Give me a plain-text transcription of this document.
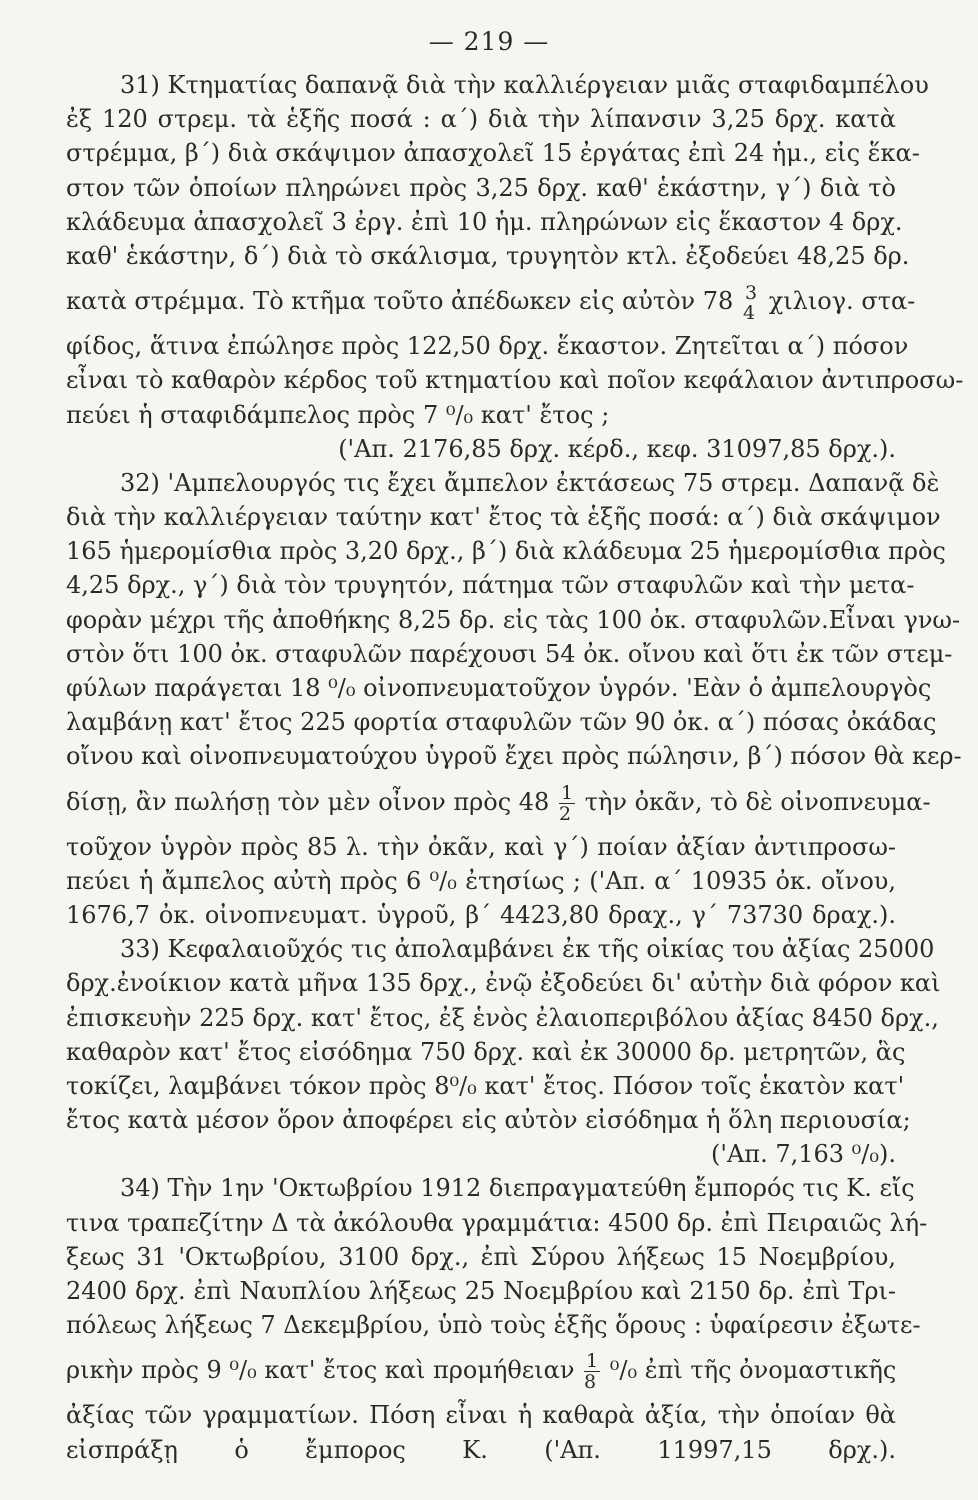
— 219 —
31) Κτηματίας δαπανᾷ διὰ τὴν καλλιέργειαν μιᾶς σταφιδαμπέλου
ἐξ 120 στρεμ. τὰ ἑξῆς ποσά : α΄) διὰ τὴν λίπανσιν 3,25 δρχ. κατὰ
στρέμμα, β΄) διὰ σκάψιμον ἀπασχολεῖ 15 ἐργάτας ἐπὶ 24 ἡμ., εἰς ἕκα-
στον τῶν ὁποίων πληρώνει πρὸς 3,25 δρχ. καθ' ἑκάστην, γ΄) διὰ τὸ
κλάδευμα ἀπασχολεῖ 3 ἐργ. ἐπὶ 10 ἡμ. πληρώνων εἰς ἕκαστον 4 δρχ.
καθ' ἑκάστην, δ΄) διὰ τὸ σκάλισμα, τρυγητὸν κτλ. ἐξοδεύει 48,25 δρ.
κατὰ στρέμμα. Τὸ κτῆμα τοῦτο ἀπέδωκεν εἰς αὐτὸν 78 3
4 χιλιογ. στα-
φίδος, ἅτινα ἐπώλησε πρὸς 122,50 δρχ. ἕκαστον. Ζητεῖται α΄) πόσον
εἶναι τὸ καθαρὸν κέρδος τοῦ κτηματίου καὶ ποῖον κεφάλαιον ἀντιπροσω-
πεύει ἡ σταφιδάμπελος πρὸς 7 ⁰/₀ κατ' ἔτος ;
('Απ. 2176,85 δρχ. κέρδ., κεφ. 31097,85 δρχ.).
32) 'Αμπελουργός τις ἔχει ἄμπελον ἐκτάσεως 75 στρεμ. Δαπανᾷ δὲ
διὰ τὴν καλλιέργειαν ταύτην κατ' ἔτος τὰ ἑξῆς ποσά: α΄) διὰ σκάψιμον
165 ἡμερομίσθια πρὸς 3,20 δρχ., β΄) διὰ κλάδευμα 25 ἡμερομίσθια πρὸς
4,25 δρχ., γ΄) διὰ τὸν τρυγητόν, πάτημα τῶν σταφυλῶν καὶ τὴν μετα-
φορὰν μέχρι τῆς ἀποθήκης 8,25 δρ. εἰς τὰς 100 ὀκ. σταφυλῶν.Εἶναι γνω-
στὸν ὅτι 100 ὀκ. σταφυλῶν παρέχουσι 54 ὀκ. οἴνου καὶ ὅτι ἐκ τῶν στεμ-
φύλων παράγεται 18 ⁰/₀ οἰνοπνευματοῦχον ὑγρόν. 'Εὰν ὁ ἀμπελουργὸς
λαμβάνῃ κατ' ἔτος 225 φορτία σταφυλῶν τῶν 90 ὀκ. α΄) πόσας ὀκάδας
οἴνου καὶ οἰνοπνευματούχου ὑγροῦ ἔχει πρὸς πώλησιν, β΄) πόσον θὰ κερ-
δίσῃ, ἂν πωλήσῃ τὸν μὲν οἶνον πρὸς $48 \frac{1}{2}$ τὴν ὀκᾶν, τὸ δὲ οἰνοπνευμα-
τοῦχον ὑγρὸν πρὸς 85 λ. τὴν ὀκᾶν, καὶ γ΄) ποίαν ἀξίαν ἀντιπροσω-
πεύει ἡ ἄμπελος αὐτὴ πρὸς 6 ⁰/₀ ἐτησίως ; ('Απ. α΄ 10935 ὀκ. οἴνου,
1676,7 ὀκ. οἰνοπνευματ. ὑγροῦ, β΄ 4423,80 δραχ., γ΄ 73730 δραχ.).
33) Κεφαλαιοῦχός τις ἀπολαμβάνει ἐκ τῆς οἰκίας του ἀξίας 25000
δρχ.ἐνοίκιον κατὰ μῆνα 135 δρχ., ἐνῷ ἐξοδεύει δι' αὐτὴν διὰ φόρον καὶ
ἐπισκευὴν 225 δρχ. κατ' ἔτος, ἐξ ἑνὸς ἐλαιοπεριβόλου ἀξίας 8450 δρχ.,
καθαρὸν κατ' ἔτος εἰσόδημα 750 δρχ. καὶ ἐκ 30000 δρ. μετρητῶν, ἃς
τοκίζει, λαμβάνει τόκον πρὸς 8⁰/₀ κατ' ἔτος. Πόσον τοῖς ἑκατὸν κατ'
ἔτος κατὰ μέσον ὅρον ἀποφέρει εἰς αὐτὸν εἰσόδημα ἡ ὅλη περιουσία;
('Απ. 7,163 ⁰/₀).
34) Τὴν 1ην 'Οκτωβρίου 1912 διεπραγματεύθη ἔμπορός τις Κ. εἴς
τινα τραπεζίτην Δ τὰ ἀκόλουθα γραμμάτια: 4500 δρ. ἐπὶ Πειραιῶς λή-
ξεως 31 'Οκτωβρίου, 3100 δρχ., ἐπὶ Σύρου λήξεως 15 Νοεμβρίου,
2400 δρχ. ἐπὶ Ναυπλίου λήξεως 25 Νοεμβρίου καὶ 2150 δρ. ἐπὶ Τρι-
πόλεως λήξεως 7 Δεκεμβρίου, ὑπὸ τοὺς ἑξῆς ὅρους : ὑφαίρεσιν ἐξωτε-
ρικὴν πρὸς 9 ⁰/₀ κατ' ἔτος καὶ προμήθειαν $\frac{1}{8} ^0/_0$ ἐπὶ τῆς ὀνομαστικῆς
ἀξίας τῶν γραμματίων. Πόση εἶναι ἡ καθαρὰ ἀξία, τὴν ὁποίαν θὰ
εἰσπράξῃ ὁ ἔμπορος Κ. ('Απ. 11997,15 δρχ.).
